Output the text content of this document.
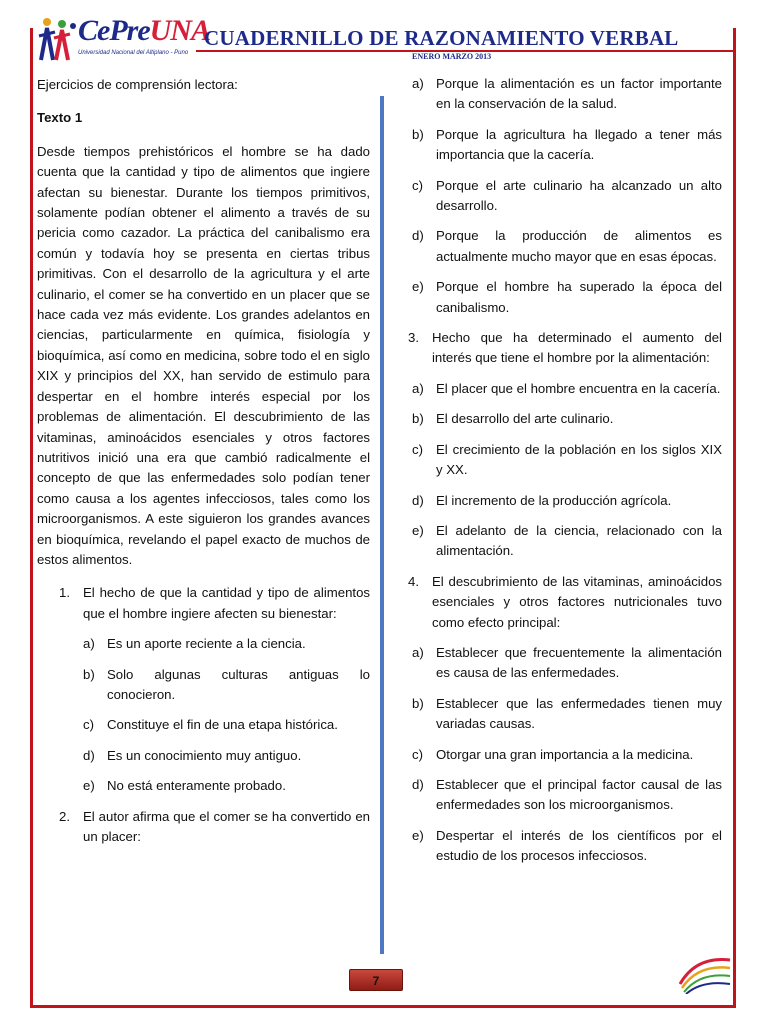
CePreUNA
Universidad Nacional del Altiplano - Puno
CUADERNILLO DE RAZONAMIENTO VERBAL
ENERO MARZO 2013
Ejercicios de comprensión lectora:
Texto 1
Desde tiempos prehistóricos el hombre se ha dado cuenta que la cantidad y tipo de alimentos que ingiere afectan su bienestar. Durante los tiempos primitivos, solamente podían obtener el alimento a través de su pericia como cazador. La práctica del canibalismo era común y todavía hoy se presenta en ciertas tribus primitivas. Con el desarrollo de la agricultura y el arte culinario, el comer se ha convertido en un placer que se hace cada vez más evidente. Los grandes adelantos en ciencias, particularmente en química, fisiología y bioquímica, así como en medicina, sobre todo el en siglo XIX y principios del XX, han servido de estimulo para despertar en el hombre interés especial por los problemas de alimentación. El descubrimiento de las vitaminas, aminoácidos esenciales y otros factores nutritivos inició una era que cambió radicalmente el concepto de que las enfermedades solo podían tener como causa a los agentes infecciosos, tales como los microorganismos. A este siguieron los grandes avances en bioquímica, revelando el papel exacto de muchos de estos alimentos.
1. El hecho de que la cantidad y tipo de alimentos que el hombre ingiere afecten su bienestar:
a) Es un aporte reciente a la ciencia.
b) Solo algunas culturas antiguas lo conocieron.
c) Constituye el fin de una etapa histórica.
d) Es un conocimiento muy antiguo.
e) No está enteramente probado.
2. El autor afirma que el comer se ha convertido en un placer:
a) Porque la alimentación es un factor importante en la conservación de la salud.
b) Porque la agricultura ha llegado a tener más importancia que la cacería.
c) Porque el arte culinario ha alcanzado un alto desarrollo.
d) Porque la producción de alimentos es actualmente mucho mayor que en esas épocas.
e) Porque el hombre ha superado la época del canibalismo.
3. Hecho que ha determinado el aumento del interés que tiene el hombre por la alimentación:
a) El placer que el hombre encuentra en la cacería.
b) El desarrollo del arte culinario.
c) El crecimiento de la población en los siglos XIX y XX.
d) El incremento de la producción agrícola.
e) El adelanto de la ciencia, relacionado con la alimentación.
4. El descubrimiento de las vitaminas, aminoácidos esenciales y otros factores nutricionales tuvo como efecto principal:
a) Establecer que frecuentemente la alimentación es causa de las enfermedades.
b) Establecer que las enfermedades tienen muy variadas causas.
c) Otorgar una gran importancia a la medicina.
d) Establecer que el principal factor causal de las enfermedades son los microorganismos.
e) Despertar el interés de los científicos por el estudio de los procesos infecciosos.
7
